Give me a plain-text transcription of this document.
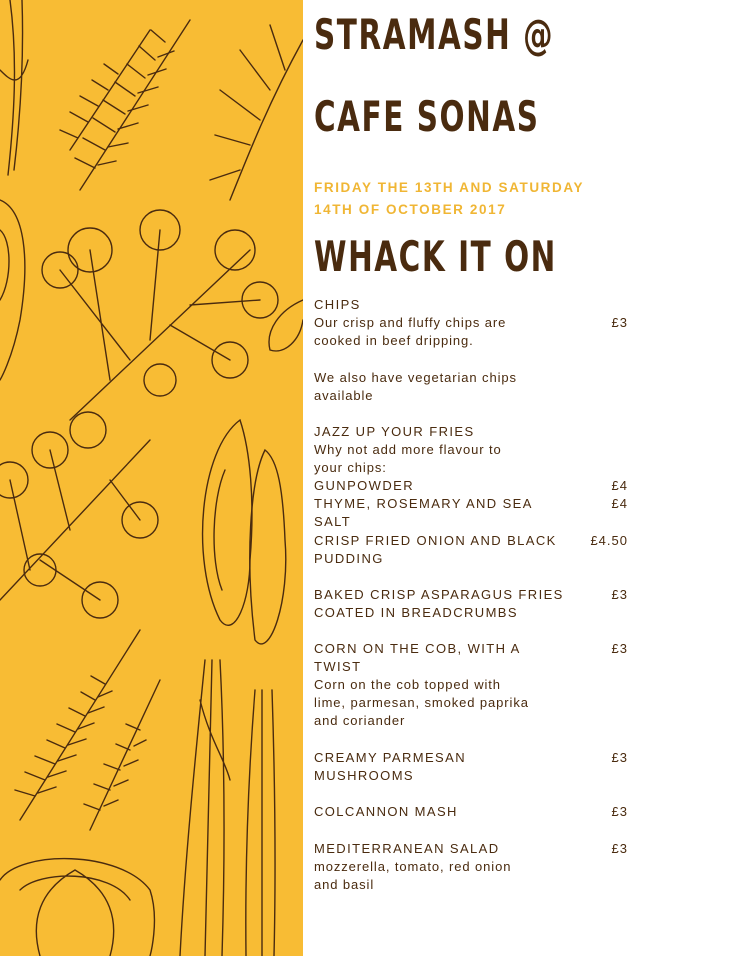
STRAMASH @
CAFE SONAS

FRIDAY THE 13TH AND SATURDAY

14TH OF OCTOBER 2017

WHACK IT ON

CHIPS

Our crisp and fluffy chips are	£3

cooked in beef dripping.

We also have vegetarian chips

available

JAZZ UP YOUR FRIES

Why not add more flavour to

your chips:

GUNPOWDER	£4

THYME, ROSEMARY AND SEA	£4

SALT

CRISP FRIED ONION AND BLACK	£4.50

PUDDING

BAKED CRISP ASPARAGUS FRIES	£3

COATED IN BREADCRUMBS

CORN ON THE COB, WITH A	£3

TWIST

Corn on the cob topped with

lime, parmesan, smoked paprika

and coriander

CREAMY PARMESAN	£3

MUSHROOMS

COLCANNON MASH	£3

MEDITERRANEAN SALAD	£3

mozzerella, tomato, red onion

and basil
